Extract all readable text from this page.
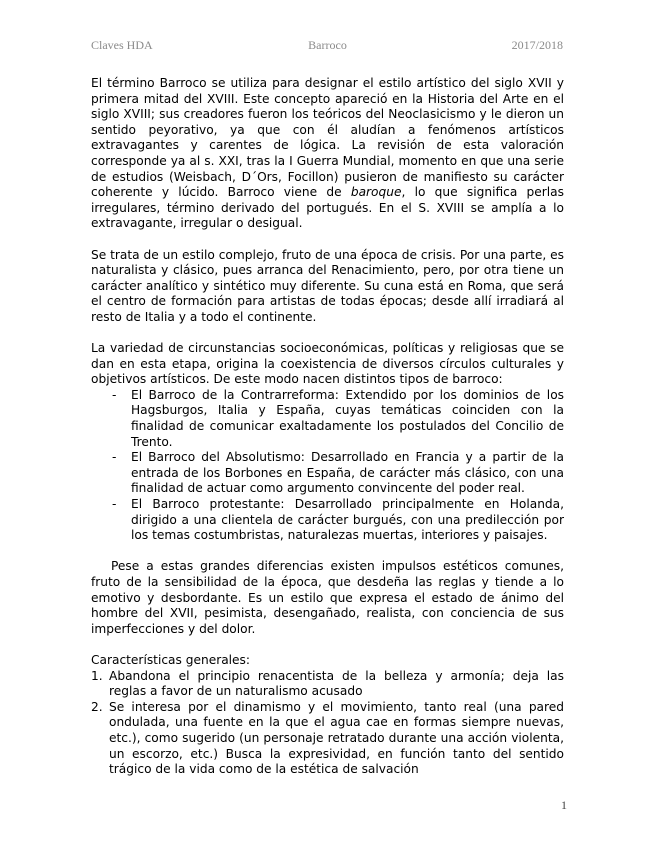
Claves HDA	Barroco	2017/2018

El término Barroco se utiliza para designar el estilo artístico del siglo XVII y primera mitad del XVIII. Este concepto apareció en la Historia del Arte en el siglo XVIII; sus creadores fueron los teóricos del Neoclasicismo y le dieron un sentido peyorativo, ya que con él aludían a fenómenos artísticos extravagantes y carentes de lógica. La revisión de esta valoración corresponde ya al s. XXI, tras la I Guerra Mundial, momento en que una serie de estudios (Weisbach, D´Ors, Focillon) pusieron de manifiesto su carácter coherente y lúcido. Barroco viene de baroque, lo que significa perlas irregulares, término derivado del portugués. En el S. XVIII se amplía a lo extravagante, irregular o desigual.

Se trata de un estilo complejo, fruto de una época de crisis. Por una parte, es naturalista y clásico, pues arranca del Renacimiento, pero, por otra tiene un carácter analítico y sintético muy diferente. Su cuna está en Roma, que será el centro de formación para artistas de todas épocas; desde allí irradiará al resto de Italia y a todo el continente.

La variedad de circunstancias socioeconómicas, políticas y religiosas que se dan en esta etapa, origina la coexistencia de diversos círculos culturales y objetivos artísticos. De este modo nacen distintos tipos de barroco:

- El Barroco de la Contrarreforma: Extendido por los dominios de los Hagsburgos, Italia y España, cuyas temáticas coinciden con la finalidad de comunicar exaltadamente los postulados del Concilio de Trento.
- El Barroco del Absolutismo: Desarrollado en Francia y a partir de la entrada de los Borbones en España, de carácter más clásico, con una finalidad de actuar como argumento convincente del poder real.
- El Barroco protestante: Desarrollado principalmente en Holanda, dirigido a una clientela de carácter burgués, con una predilección por los temas costumbristas, naturalezas muertas, interiores y paisajes.

Pese a estas grandes diferencias existen impulsos estéticos comunes, fruto de la sensibilidad de la época, que desdeña las reglas y tiende a lo emotivo y desbordante. Es un estilo que expresa el estado de ánimo del hombre del XVII, pesimista, desengañado, realista, con conciencia de sus imperfecciones y del dolor.

Características generales:

1. Abandona el principio renacentista de la belleza y armonía; deja las reglas a favor de un naturalismo acusado
2. Se interesa por el dinamismo y el movimiento, tanto real (una pared ondulada, una fuente en la que el agua cae en formas siempre nuevas, etc.), como sugerido (un personaje retratado durante una acción violenta, un escorzo, etc.) Busca la expresividad, en función tanto del sentido trágico de la vida como de la estética de salvación
1
